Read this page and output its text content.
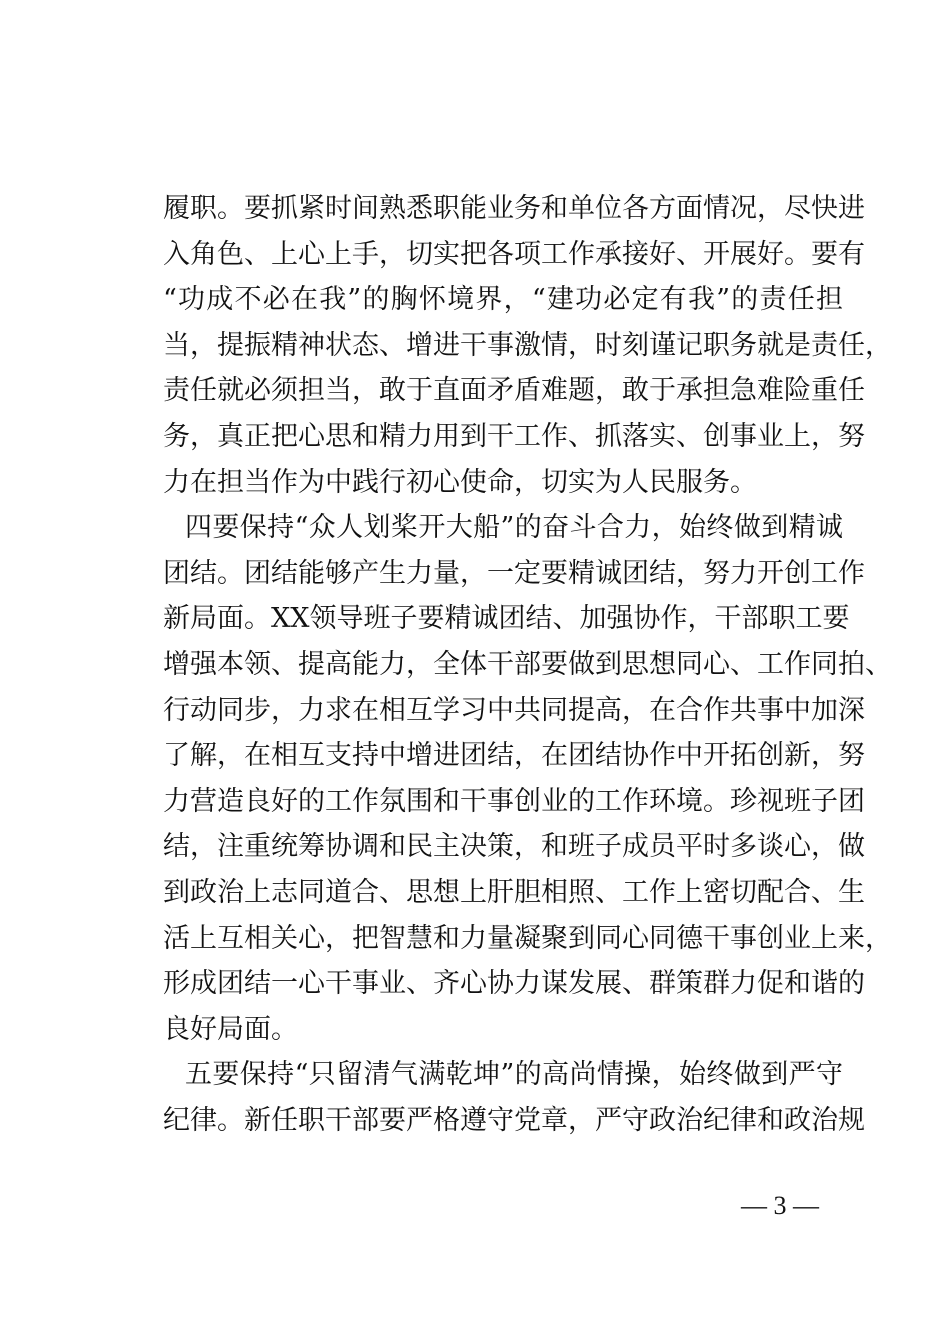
履职。要抓紧时间熟悉职能业务和单位各方面情况，尽快进
入角色、上心上手，切实把各项工作承接好、开展好。要有
“功成不必在我”的胸怀境界，“建功必定有我”的责任担
当，提振精神状态、增进干事激情，时刻谨记职务就是责任，
责任就必须担当，敢于直面矛盾难题，敢于承担急难险重任
务，真正把心思和精力用到干工作、抓落实、创事业上，努
力在担当作为中践行初心使命，切实为人民服务。
四要保持“众人划桨开大船”的奋斗合力，始终做到精诚
团结。团结能够产生力量，一定要精诚团结，努力开创工作
新局面。XX领导班子要精诚团结、加强协作，干部职工要
增强本领、提高能力，全体干部要做到思想同心、工作同拍、
行动同步，力求在相互学习中共同提高，在合作共事中加深
了解，在相互支持中增进团结，在团结协作中开拓创新，努
力营造良好的工作氛围和干事创业的工作环境。珍视班子团
结，注重统筹协调和民主决策，和班子成员平时多谈心，做
到政治上志同道合、思想上肝胆相照、工作上密切配合、生
活上互相关心，把智慧和力量凝聚到同心同德干事创业上来，
形成团结一心干事业、齐心协力谋发展、群策群力促和谐的
良好局面。
五要保持“只留清气满乾坤”的高尚情操，始终做到严守
纪律。新任职干部要严格遵守党章，严守政治纪律和政治规
— 3 —
